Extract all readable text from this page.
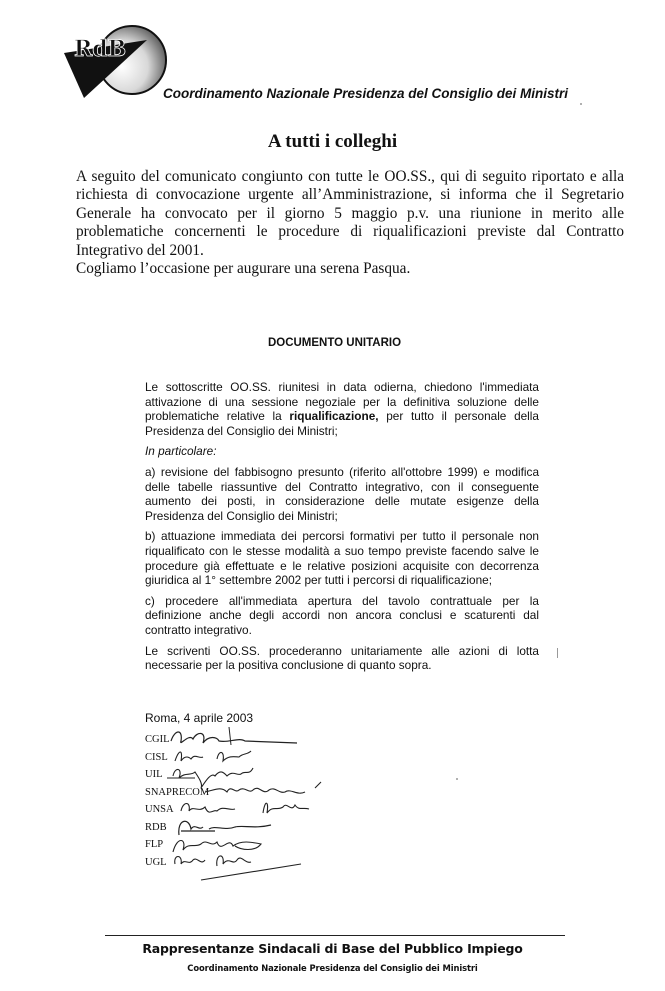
RdB
Coordinamento Nazionale Presidenza del Consiglio dei Ministri
A tutti i colleghi

A seguito del comunicato congiunto con tutte le OO.SS., qui di seguito riportato e alla richiesta di convocazione urgente all’Amministrazione, si informa che il Segretario Generale ha convocato per il giorno 5 maggio p.v. una riunione in merito alle problematiche concernenti le procedure di riqualificazioni previste dal Contratto Integrativo del 2001.

Cogliamo l’occasione per augurare una serena Pasqua.

DOCUMENTO UNITARIO

Le sottoscritte OO.SS. riunitesi in data odierna, chiedono l'immediata attivazione di una sessione negoziale per la definitiva soluzione delle problematiche relative la riqualificazione, per tutto il personale della Presidenza del Consiglio dei Ministri;

In particolare:

a) revisione del fabbisogno presunto (riferito all'ottobre 1999) e modifica delle tabelle riassuntive del Contratto integrativo, con il conseguente aumento dei posti, in considerazione delle mutate esigenze della Presidenza del Consiglio dei Ministri;

b) attuazione immediata dei percorsi formativi per tutto il personale non riqualificato con le stesse modalità a suo tempo previste facendo salve le procedure già effettuate e le relative posizioni acquisite con decorrenza giuridica al 1° settembre 2002 per tutti i percorsi di riqualificazione;

c) procedere all'immediata apertura del tavolo contrattuale per la definizione anche degli accordi non ancora conclusi e scaturenti dal contratto integrativo.

Le scriventi OO.SS. procederanno unitariamente alle azioni di lotta necessarie per la positiva conclusione di quanto sopra.

Roma, 4 aprile 2003
CGIL
CISL
UIL
SNAPRECOM
UNSA
RDB
FLP
UGL
Rappresentanze Sindacali di Base del Pubblico Impiego
Coordinamento Nazionale Presidenza del Consiglio dei Ministri
